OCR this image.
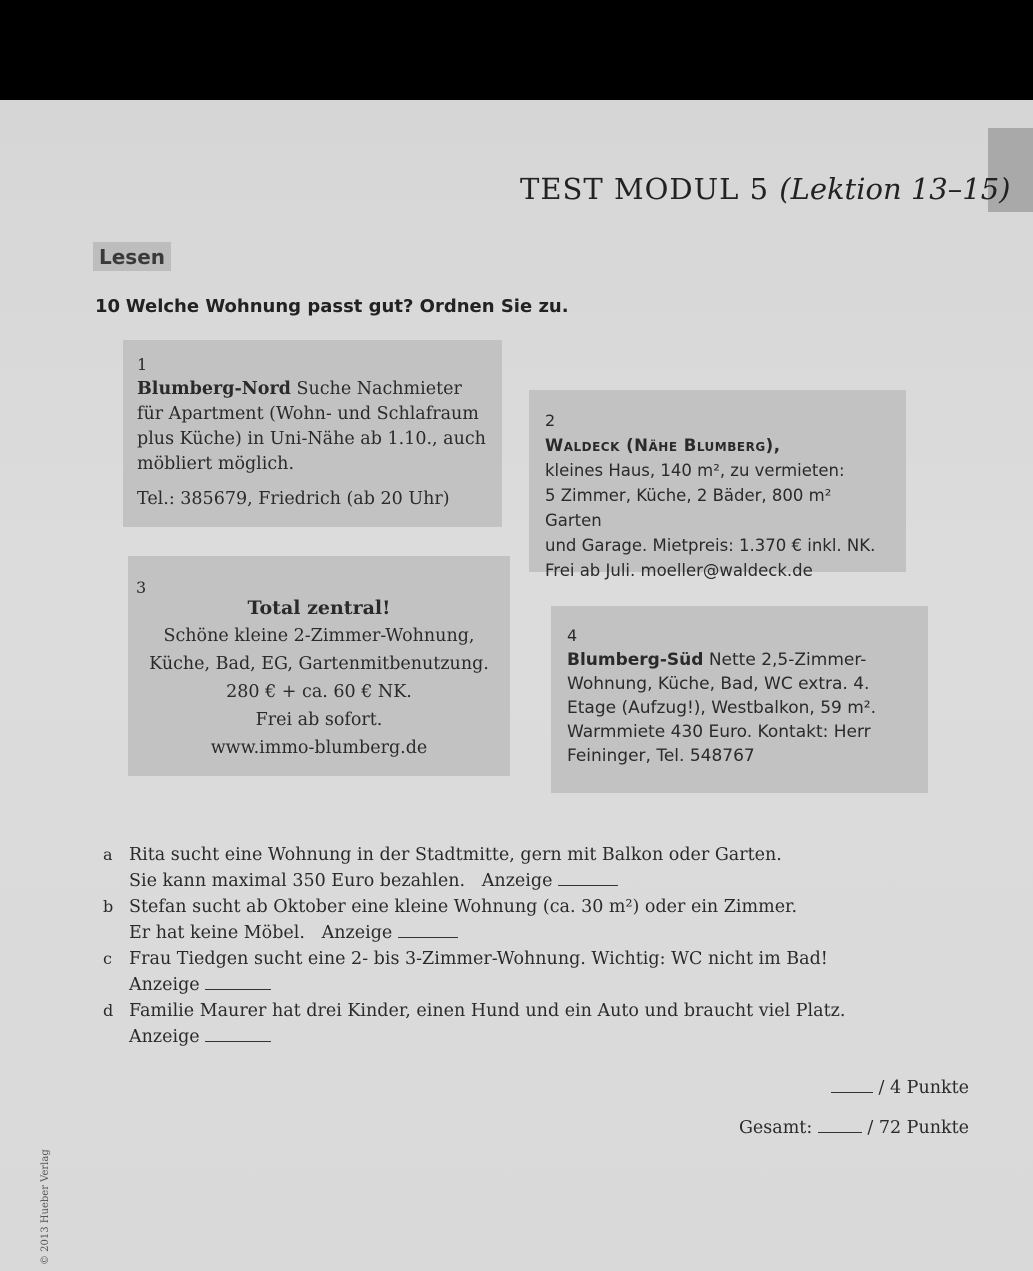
TEST MODUL 5 (Lektion 13–15)
Lesen
10 Welche Wohnung passt gut? Ordnen Sie zu.
1
Blumberg-Nord Suche Nachmieter für Apartment (Wohn- und Schlafraum plus Küche) in Uni-Nähe ab 1.10., auch möbliert möglich.
Tel.: 385679, Friedrich (ab 20 Uhr)
2
Waldeck (Nähe Blumberg),
kleines Haus, 140 m², zu vermieten:
5 Zimmer, Küche, 2 Bäder, 800 m² Garten
und Garage. Mietpreis: 1.370 € inkl. NK.
Frei ab Juli. moeller@waldeck.de
3
Total zentral!
Schöne kleine 2-Zimmer-Wohnung,
Küche, Bad, EG, Gartenmitbenutzung.
280 € + ca. 60 € NK.
Frei ab sofort.
www.immo-blumberg.de
4
Blumberg-Süd Nette 2,5-Zimmer-Wohnung, Küche, Bad, WC extra. 4. Etage (Aufzug!), Westbalkon, 59 m². Warmmiete 430 Euro. Kontakt: Herr Feininger, Tel. 548767
a Rita sucht eine Wohnung in der Stadtmitte, gern mit Balkon oder Garten.
Sie kann maximal 350 Euro bezahlen. Anzeige
b Stefan sucht ab Oktober eine kleine Wohnung (ca. 30 m²) oder ein Zimmer.
Er hat keine Möbel. Anzeige
c Frau Tiedgen sucht eine 2- bis 3-Zimmer-Wohnung. Wichtig: WC nicht im Bad!
Anzeige
d Familie Maurer hat drei Kinder, einen Hund und ein Auto und braucht viel Platz.
Anzeige
/ 4 Punkte
Gesamt:	/ 72 Punkte
© 2013 Hueber Verlag
